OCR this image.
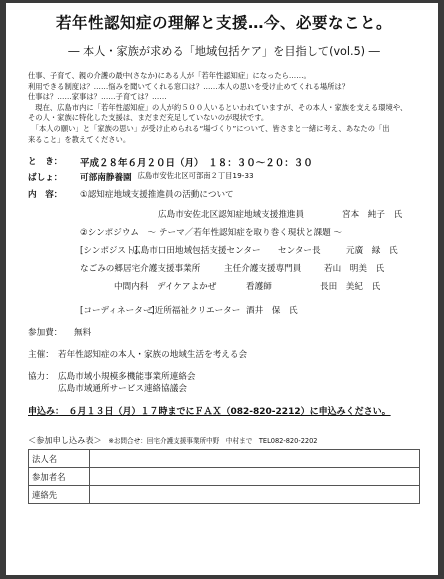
若年性認知症の理解と支援…今、必要なこと。
― 本人・家族が求める「地域包括ケア」を目指して(vol.5) ―

仕事、子育て、親の介護の最中(さなか)にある人が「若年性認知症」になったら……。

利用できる制度は？……悩みを聞いてくれる窓口は？……本人の思いを受け止めてくれる場所は？

仕事は？……家事は？……子育ては？……

　現在、広島市内に「若年性認知症」の人が約５００人いるといわれていますが、その本人・家族を支える環境や、

その人・家族に特化した支援は、まだまだ充足していないのが現状です。

　「本人の願い」と「家族の思い」が受け止められる“場づくり”について、皆さまと一緒に考え、あなたの「出

来ること」を教えてください。

と　き：	平成２８年６月２０日（月）　１８：３０～２０：３０
ばしょ：	可部南静養園 広島市安佐北区可部南２丁目19-33
内　容：	①認知症地域支援推進員の活動について
広島市安佐北区認知症地域支援推進員	宮本　純子　氏
②シンポジウム　～ テーマ／若年性認知症を取り巻く現状と課題 ～
[シンポジスト]
広島市口田地域包括支援センター センター長	元廣　緑　氏
なごみの郷居宅介護支援事業所	主任介護支援専門員	若山　明美　氏
中間内科　デイケアよかぜ	看護師	長田　美紀　氏
[コーディネーター]
ご近所福祉クリエーター 酒井　保　氏
参加費：	無料
主催： 若年性認知症の本人・家族の地域生活を考える会
協力： 広島市域小規模多機能事業所連絡会
広島市域通所サービス連絡協議会
申込み：　６月１３日（月）１７時までにＦＡＸ（082-820-2212）に申込みください。
＜参加申し込み表＞ ※お問合せ：回宅介護支援事業所中野　中村まで　TEL082-820-2202
法人名	
参加者名	
連絡先	
